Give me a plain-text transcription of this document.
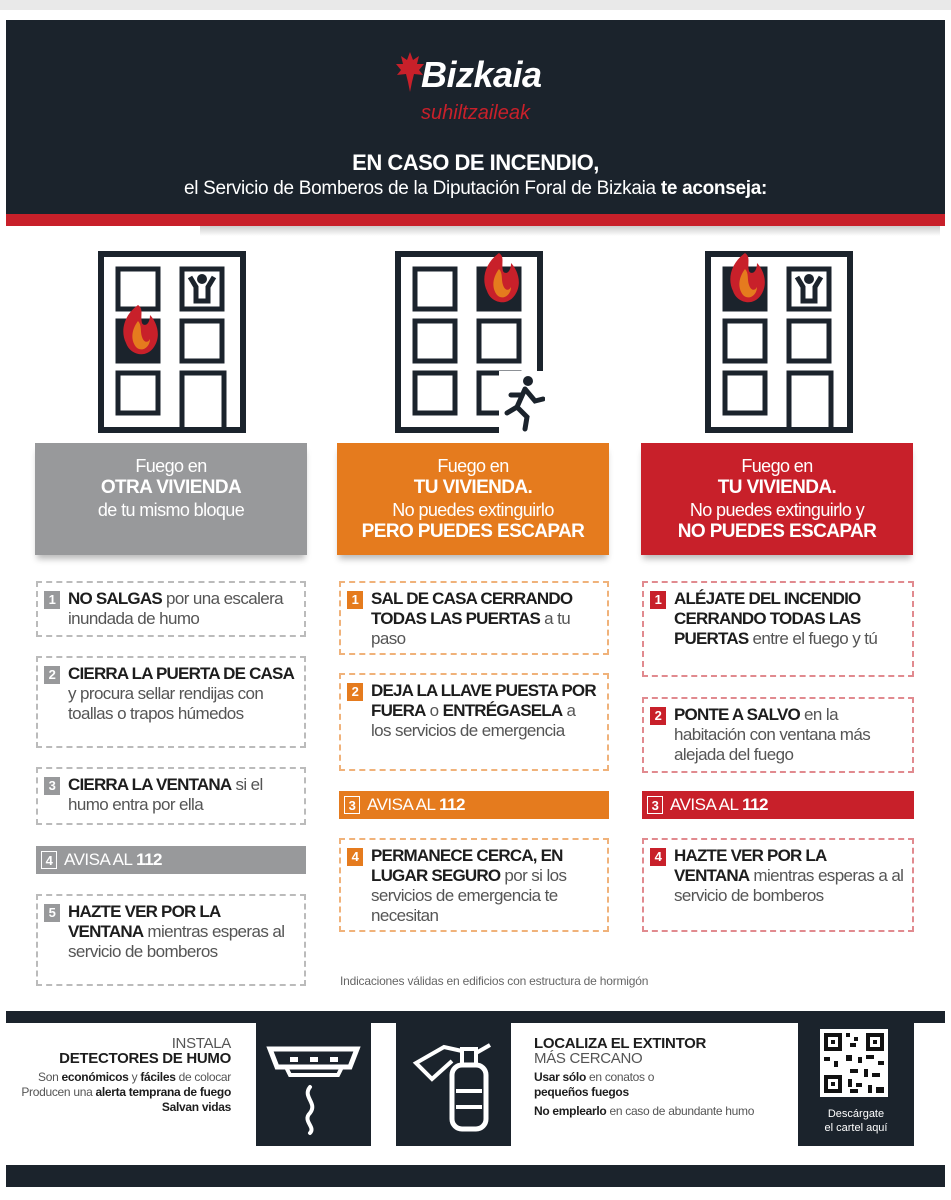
Bizkaia
suhiltzaileak
EN CASO DE INCENDIO,
el Servicio de Bomberos de la Diputación Foral de Bizkaia te aconseja:
Fuego en
OTRA VIVIENDA
de tu mismo bloque
Fuego en
TU VIVIENDA.
No puedes extinguirlo
PERO PUEDES ESCAPAR
Fuego en
TU VIVIENDA.
No puedes extinguirlo y
NO PUEDES ESCAPAR
1 NO SALGAS por una escalera inundada de humo
2 CIERRA LA PUERTA DE CASA y procura sellar rendijas con toallas o trapos húmedos
3 CIERRA LA VENTANA si el humo entra por ella
4 AVISA AL 112
5 HAZTE VER POR LA VENTANA mientras esperas al servicio de bomberos
1 SAL DE CASA CERRANDO TODAS LAS PUERTAS a tu paso
2 DEJA LA LLAVE PUESTA POR FUERA o ENTRÉGASELA a los servicios de emergencia
3 AVISA AL 112
4 PERMANECE CERCA, EN LUGAR SEGURO por si los servicios de emergencia te necesitan
1 ALÉJATE DEL INCENDIO CERRANDO TODAS LAS PUERTAS entre el fuego y tú
2 PONTE A SALVO en la habitación con ventana más alejada del fuego
3 AVISA AL 112
4 HAZTE VER POR LA VENTANA mientras esperas a al servicio de bomberos
Indicaciones válidas en edificios con estructura de hormigón
INSTALA
DETECTORES DE HUMO
Son económicos y fáciles de colocar
Producen una alerta temprana de fuego
Salvan vidas
LOCALIZA EL EXTINTOR
MÁS CERCANO
Usar sólo en conatos o
pequeños fuegos
No emplearlo en caso de abundante humo	Descárgate
el cartel aquí
